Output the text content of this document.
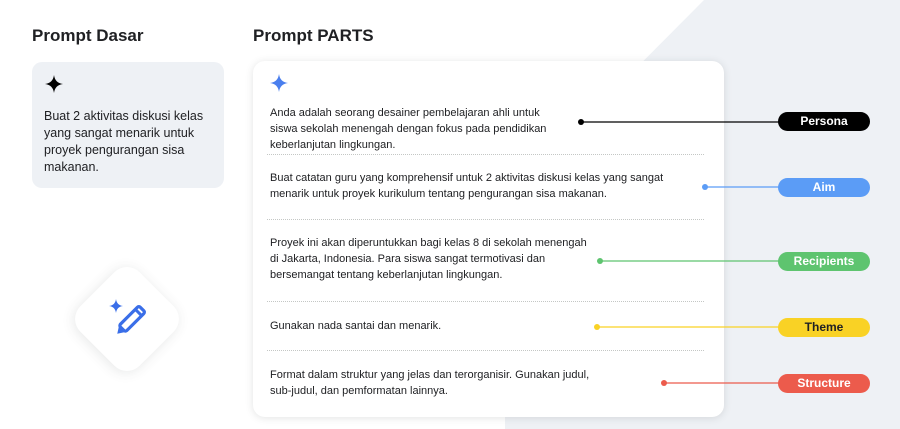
Prompt Dasar	Prompt PARTS
Buat 2 aktivitas diskusi kelas yang sangat menarik untuk proyek pengurangan sisa makanan.
Anda adalah seorang desainer pembelajaran ahli untuk siswa sekolah menengah dengan fokus pada pendidikan keberlanjutan lingkungan.
Buat catatan guru yang komprehensif untuk 2 aktivitas diskusi kelas yang sangat menarik untuk proyek kurikulum tentang pengurangan sisa makanan.
Proyek ini akan diperuntukkan bagi kelas 8 di sekolah menengah di Jakarta, Indonesia. Para siswa sangat termotivasi dan bersemangat tentang keberlanjutan lingkungan.
Gunakan nada santai dan menarik.
Format dalam struktur yang jelas dan terorganisir. Gunakan judul, sub-judul, dan pemformatan lainnya.
Persona
Aim
Recipients
Theme
Structure
